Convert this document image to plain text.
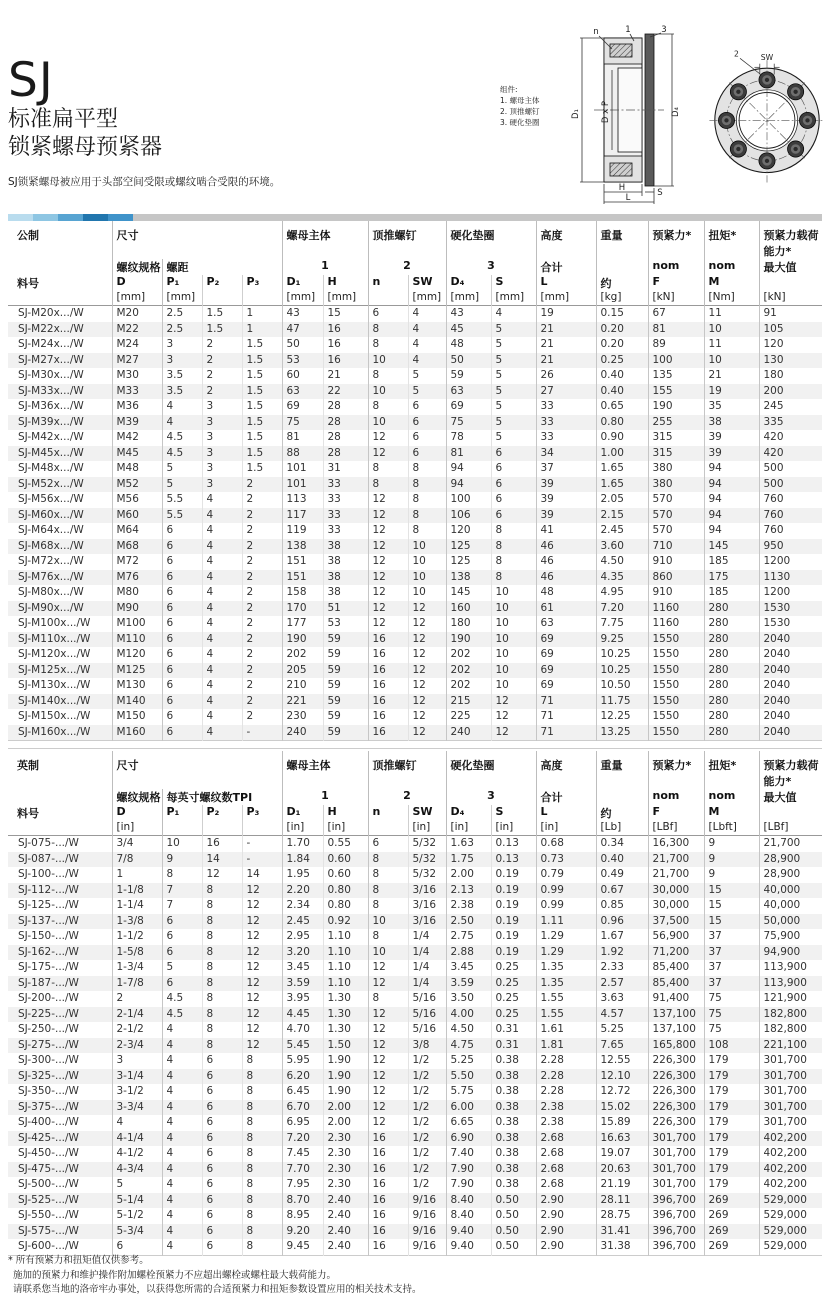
SJ
标准扁平型
锁紧螺母预紧器
SJ锁紧螺母被应用于头部空间受限或螺纹啮合受限的环境。
组件:
1. 螺母主体
2. 顶推螺钉
3. 硬化垫圈
D₁ D x P	D₄
H	S
L
n	1	3
SW
2
公制	尺寸				螺母主体		顶推螺钉		硬化垫圈		高度	重量	预紧力*	扭矩*	预紧力载荷能力*
	螺纹规格	螺距			1		2		3		合计		nom	nom	最大值
料号	D	P₁	P₂	P₃	D₁	H	n	SW	D₄	S	L	约	F	M	
	[mm]	[mm]			[mm]	[mm]		[mm]	[mm]	[mm]	[mm]	[kg]	[kN]	[Nm]	[kN]
SJ-M20x.../W	M20	2.5	1.5	1	43	15	6	4	43	4	19	0.15	67	11	91
SJ-M22x.../W	M22	2.5	1.5	1	47	16	8	4	45	5	21	0.20	81	10	105
SJ-M24x.../W	M24	3	2	1.5	50	16	8	4	48	5	21	0.20	89	11	120
SJ-M27x.../W	M27	3	2	1.5	53	16	10	4	50	5	21	0.25	100	10	130
SJ-M30x.../W	M30	3.5	2	1.5	60	21	8	5	59	5	26	0.40	135	21	180
SJ-M33x.../W	M33	3.5	2	1.5	63	22	10	5	63	5	27	0.40	155	19	200
SJ-M36x.../W	M36	4	3	1.5	69	28	8	6	69	5	33	0.65	190	35	245
SJ-M39x.../W	M39	4	3	1.5	75	28	10	6	75	5	33	0.80	255	38	335
SJ-M42x.../W	M42	4.5	3	1.5	81	28	12	6	78	5	33	0.90	315	39	420
SJ-M45x.../W	M45	4.5	3	1.5	88	28	12	6	81	6	34	1.00	315	39	420
SJ-M48x.../W	M48	5	3	1.5	101	31	8	8	94	6	37	1.65	380	94	500
SJ-M52x.../W	M52	5	3	2	101	33	8	8	94	6	39	1.65	380	94	500
SJ-M56x.../W	M56	5.5	4	2	113	33	12	8	100	6	39	2.05	570	94	760
SJ-M60x.../W	M60	5.5	4	2	117	33	12	8	106	6	39	2.15	570	94	760
SJ-M64x.../W	M64	6	4	2	119	33	12	8	120	8	41	2.45	570	94	760
SJ-M68x.../W	M68	6	4	2	138	38	12	10	125	8	46	3.60	710	145	950
SJ-M72x.../W	M72	6	4	2	151	38	12	10	125	8	46	4.50	910	185	1200
SJ-M76x.../W	M76	6	4	2	151	38	12	10	138	8	46	4.35	860	175	1130
SJ-M80x.../W	M80	6	4	2	158	38	12	10	145	10	48	4.95	910	185	1200
SJ-M90x.../W	M90	6	4	2	170	51	12	12	160	10	61	7.20	1160	280	1530
SJ-M100x.../W	M100	6	4	2	177	53	12	12	180	10	63	7.75	1160	280	1530
SJ-M110x.../W	M110	6	4	2	190	59	16	12	190	10	69	9.25	1550	280	2040
SJ-M120x.../W	M120	6	4	2	202	59	16	12	202	10	69	10.25	1550	280	2040
SJ-M125x.../W	M125	6	4	2	205	59	16	12	202	10	69	10.25	1550	280	2040
SJ-M130x.../W	M130	6	4	2	210	59	16	12	202	10	69	10.50	1550	280	2040
SJ-M140x.../W	M140	6	4	2	221	59	16	12	215	12	71	11.75	1550	280	2040
SJ-M150x.../W	M150	6	4	2	230	59	16	12	225	12	71	12.25	1550	280	2040
SJ-M160x.../W	M160	6	4	-	240	59	16	12	240	12	71	13.25	1550	280	2040
英制	尺寸				螺母主体		顶推螺钉		硬化垫圈		高度	重量	预紧力*	扭矩*	预紧力载荷能力*
	螺纹规格	每英寸螺纹数TPI			1		2		3		合计		nom	nom	最大值
料号	D	P₁	P₂	P₃	D₁	H	n	SW	D₄	S	L	约	F	M	
	[in]				[in]	[in]		[in]	[in]	[in]	[in]	[Lb]	[LBf]	[Lbft]	[LBf]
SJ-075-.../W	3/4	10	16	-	1.70	0.55	6	5/32	1.63	0.13	0.68	0.34	16,300	9	21,700
SJ-087-.../W	7/8	9	14	-	1.84	0.60	8	5/32	1.75	0.13	0.73	0.40	21,700	9	28,900
SJ-100-.../W	1	8	12	14	1.95	0.60	8	5/32	2.00	0.19	0.79	0.49	21,700	9	28,900
SJ-112-.../W	1-1/8	7	8	12	2.20	0.80	8	3/16	2.13	0.19	0.99	0.67	30,000	15	40,000
SJ-125-.../W	1-1/4	7	8	12	2.34	0.80	8	3/16	2.38	0.19	0.99	0.85	30,000	15	40,000
SJ-137-.../W	1-3/8	6	8	12	2.45	0.92	10	3/16	2.50	0.19	1.11	0.96	37,500	15	50,000
SJ-150-.../W	1-1/2	6	8	12	2.95	1.10	8	1/4	2.75	0.19	1.29	1.67	56,900	37	75,900
SJ-162-.../W	1-5/8	6	8	12	3.20	1.10	10	1/4	2.88	0.19	1.29	1.92	71,200	37	94,900
SJ-175-.../W	1-3/4	5	8	12	3.45	1.10	12	1/4	3.45	0.25	1.35	2.33	85,400	37	113,900
SJ-187-.../W	1-7/8	6	8	12	3.59	1.10	12	1/4	3.59	0.25	1.35	2.57	85,400	37	113,900
SJ-200-.../W	2	4.5	8	12	3.95	1.30	8	5/16	3.50	0.25	1.55	3.63	91,400	75	121,900
SJ-225-.../W	2-1/4	4.5	8	12	4.45	1.30	12	5/16	4.00	0.25	1.55	4.57	137,100	75	182,800
SJ-250-.../W	2-1/2	4	8	12	4.70	1.30	12	5/16	4.50	0.31	1.61	5.25	137,100	75	182,800
SJ-275-.../W	2-3/4	4	8	12	5.45	1.50	12	3/8	4.75	0.31	1.81	7.65	165,800	108	221,100
SJ-300-.../W	3	4	6	8	5.95	1.90	12	1/2	5.25	0.38	2.28	12.55	226,300	179	301,700
SJ-325-.../W	3-1/4	4	6	8	6.20	1.90	12	1/2	5.50	0.38	2.28	12.10	226,300	179	301,700
SJ-350-.../W	3-1/2	4	6	8	6.45	1.90	12	1/2	5.75	0.38	2.28	12.72	226,300	179	301,700
SJ-375-.../W	3-3/4	4	6	8	6.70	2.00	12	1/2	6.00	0.38	2.38	15.02	226,300	179	301,700
SJ-400-.../W	4	4	6	8	6.95	2.00	12	1/2	6.65	0.38	2.38	15.89	226,300	179	301,700
SJ-425-.../W	4-1/4	4	6	8	7.20	2.30	16	1/2	6.90	0.38	2.68	16.63	301,700	179	402,200
SJ-450-.../W	4-1/2	4	6	8	7.45	2.30	16	1/2	7.40	0.38	2.68	19.07	301,700	179	402,200
SJ-475-.../W	4-3/4	4	6	8	7.70	2.30	16	1/2	7.90	0.38	2.68	20.63	301,700	179	402,200
SJ-500-.../W	5	4	6	8	7.95	2.30	16	1/2	7.90	0.38	2.68	21.19	301,700	179	402,200
SJ-525-.../W	5-1/4	4	6	8	8.70	2.40	16	9/16	8.40	0.50	2.90	28.11	396,700	269	529,000
SJ-550-.../W	5-1/2	4	6	8	8.95	2.40	16	9/16	8.40	0.50	2.90	28.75	396,700	269	529,000
SJ-575-.../W	5-3/4	4	6	8	9.20	2.40	16	9/16	9.40	0.50	2.90	31.41	396,700	269	529,000
SJ-600-.../W	6	4	6	8	9.45	2.40	16	9/16	9.40	0.50	2.90	31.38	396,700	269	529,000
* 所有预紧力和扭矩值仅供参考。
施加的预紧力和维护操作附加螺栓预紧力不应超出螺栓或螺柱最大载荷能力。
请联系您当地的洛帝牢办事处，以获得您所需的合适预紧力和扭矩参数设置应用的相关技术支持。
